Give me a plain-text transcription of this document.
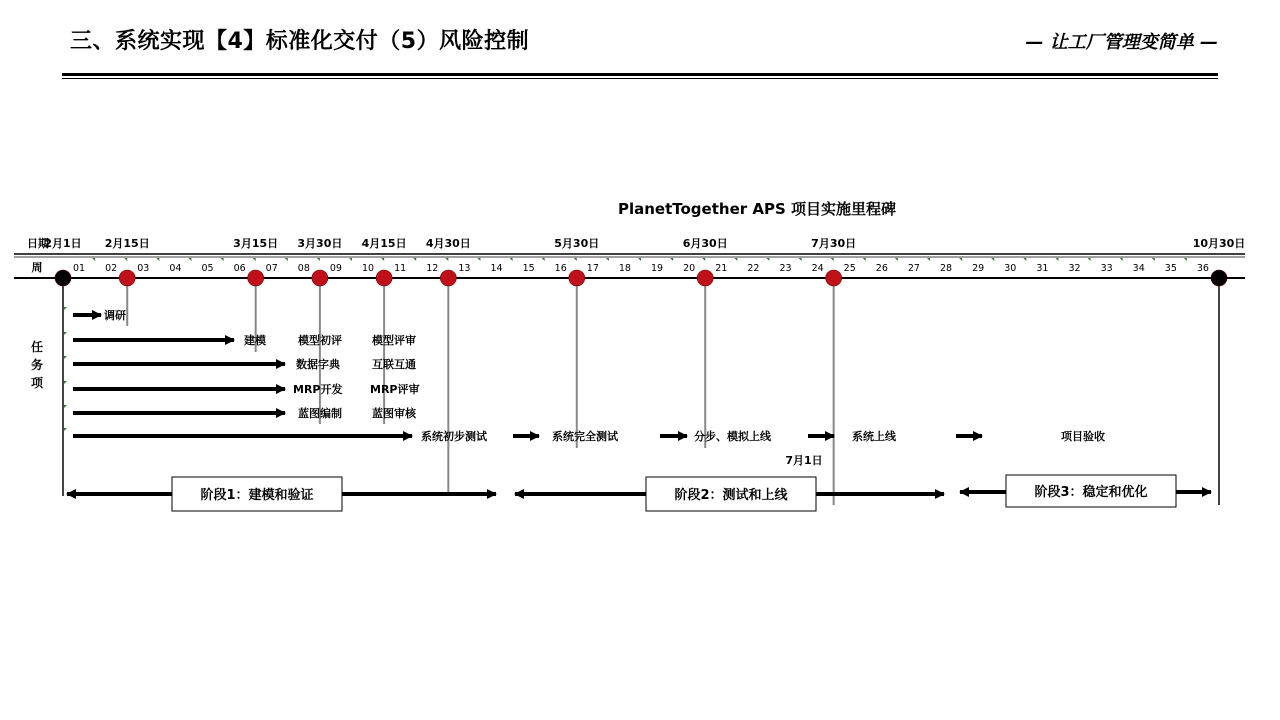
三、系统实现【4】标准化交付（5）风险控制	— 让工厂管理变简单 —
PlanetTogether APS 项目实施里程碑
日期
周	01 02 03 04 05 06 07 08 09 10 11 12 13 14 15 16 17 18 19 20 21 22 23 24 25 26 27 28 29 30 31 32 33 34 35 36
2月1日 2月15日	3月15日 3月30日 4月15日 4月30日	5月30日	6月30日	7月30日	10月30日
任
务
项
调研
建模
数据字典
MRP开发
蓝图编制
系统初步测试	系统完全测试	分步、模拟上线	系统上线	项目验收
模型初评	模型评审
互联互通
MRP评审
蓝图审核
7月1日
阶段1：建模和验证	阶段2：测试和上线	阶段3：稳定和优化
